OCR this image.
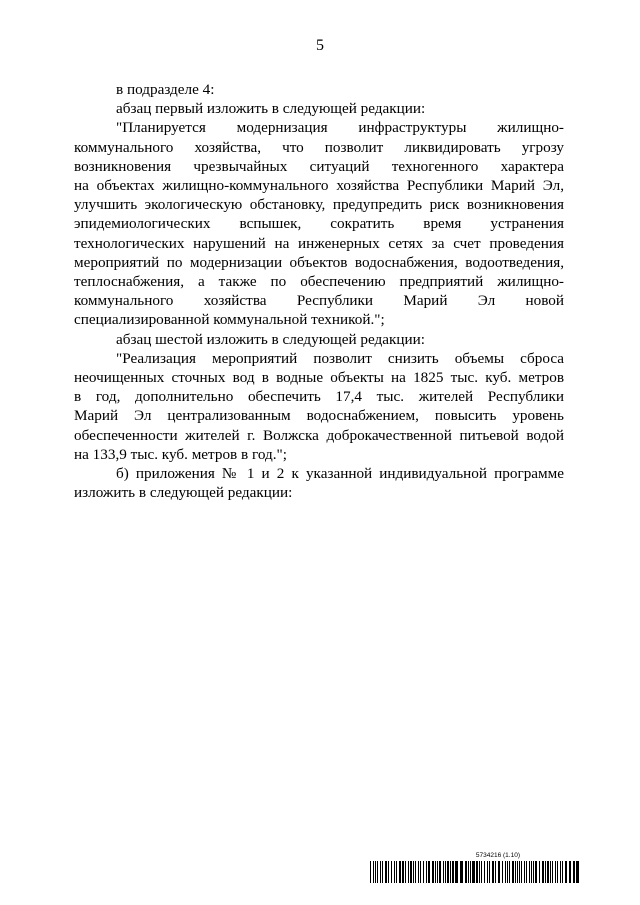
5

в подразделе 4:

абзац первый изложить в следующей редакции:

"Планируется модернизация инфраструктуры жилищно-
коммунального хозяйства, что позволит ликвидировать угрозу
возникновения чрезвычайных ситуаций техногенного характера
на объектах жилищно-коммунального хозяйства Республики Марий Эл,
улучшить экологическую обстановку, предупредить риск возникновения
эпидемиологических вспышек, сократить время устранения
технологических нарушений на инженерных сетях за счет проведения
мероприятий по модернизации объектов водоснабжения, водоотведения,
теплоснабжения, а также по обеспечению предприятий жилищно-
коммунального хозяйства Республики Марий Эл новой
специализированной коммунальной техникой.";

абзац шестой изложить в следующей редакции:

"Реализация мероприятий позволит снизить объемы сброса
неочищенных сточных вод в водные объекты на 1825 тыс. куб. метров
в год, дополнительно обеспечить 17,4 тыс. жителей Республики
Марий Эл централизованным водоснабжением, повысить уровень
обеспеченности жителей г. Волжска доброкачественной питьевой водой
на 133,9 тыс. куб. метров в год.";

б) приложения № 1 и 2 к указанной индивидуальной программе
изложить в следующей редакции:

5734216 (1.10)
